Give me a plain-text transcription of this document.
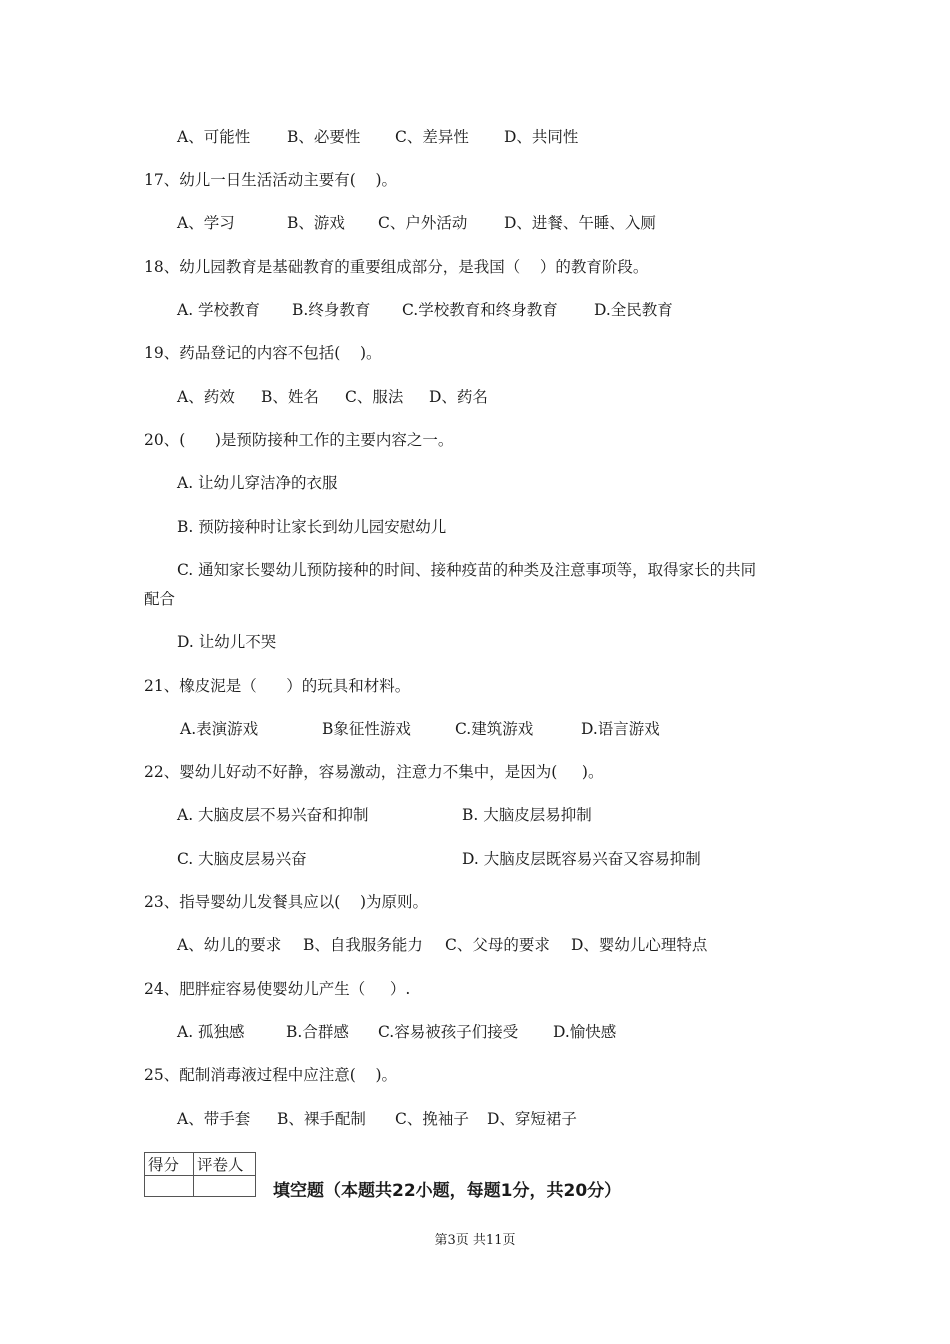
A、可能性 B、必要性 C、差异性 D、共同性
17、幼儿一日生活活动主要有(    )。
A、学习	B、游戏 C、户外活动 D、进餐、午睡、入厕
18、幼儿园教育是基础教育的重要组成部分，是我国（    ）的教育阶段。
A. 学校教育 B.终身教育 C.学校教育和终身教育 D.全民教育
19、药品登记的内容不包括(    )。
A、药效 B、姓名 C、服法 D、药名
20、(      )是预防接种工作的主要内容之一。
A. 让幼儿穿洁净的衣服
B. 预防接种时让家长到幼儿园安慰幼儿
C. 通知家长婴幼儿预防接种的时间、接种疫苗的种类及注意事项等，取得家长的共同
配合
D. 让幼儿不哭
21、橡皮泥是（      ）的玩具和材料。
A.表演游戏	B象征性游戏	C.建筑游戏	D.语言游戏
22、婴幼儿好动不好静，容易激动，注意力不集中，是因为(     )。
A. 大脑皮层不易兴奋和抑制	B. 大脑皮层易抑制
C. 大脑皮层易兴奋	D. 大脑皮层既容易兴奋又容易抑制
23、指导婴幼儿发餐具应以(    )为原则。
A、幼儿的要求 B、自我服务能力 C、父母的要求 D、婴幼儿心理特点
24、肥胖症容易使婴幼儿产生（     ）.
A. 孤独感	B.合群感 C.容易被孩子们接受 D.愉快感
25、配制消毒液过程中应注意(    )。
A、带手套 B、裸手配制 C、挽袖子 D、穿短裙子
得分	评卷人

填空题（本题共22小题，每题1分，共20分）
第3页 共11页
